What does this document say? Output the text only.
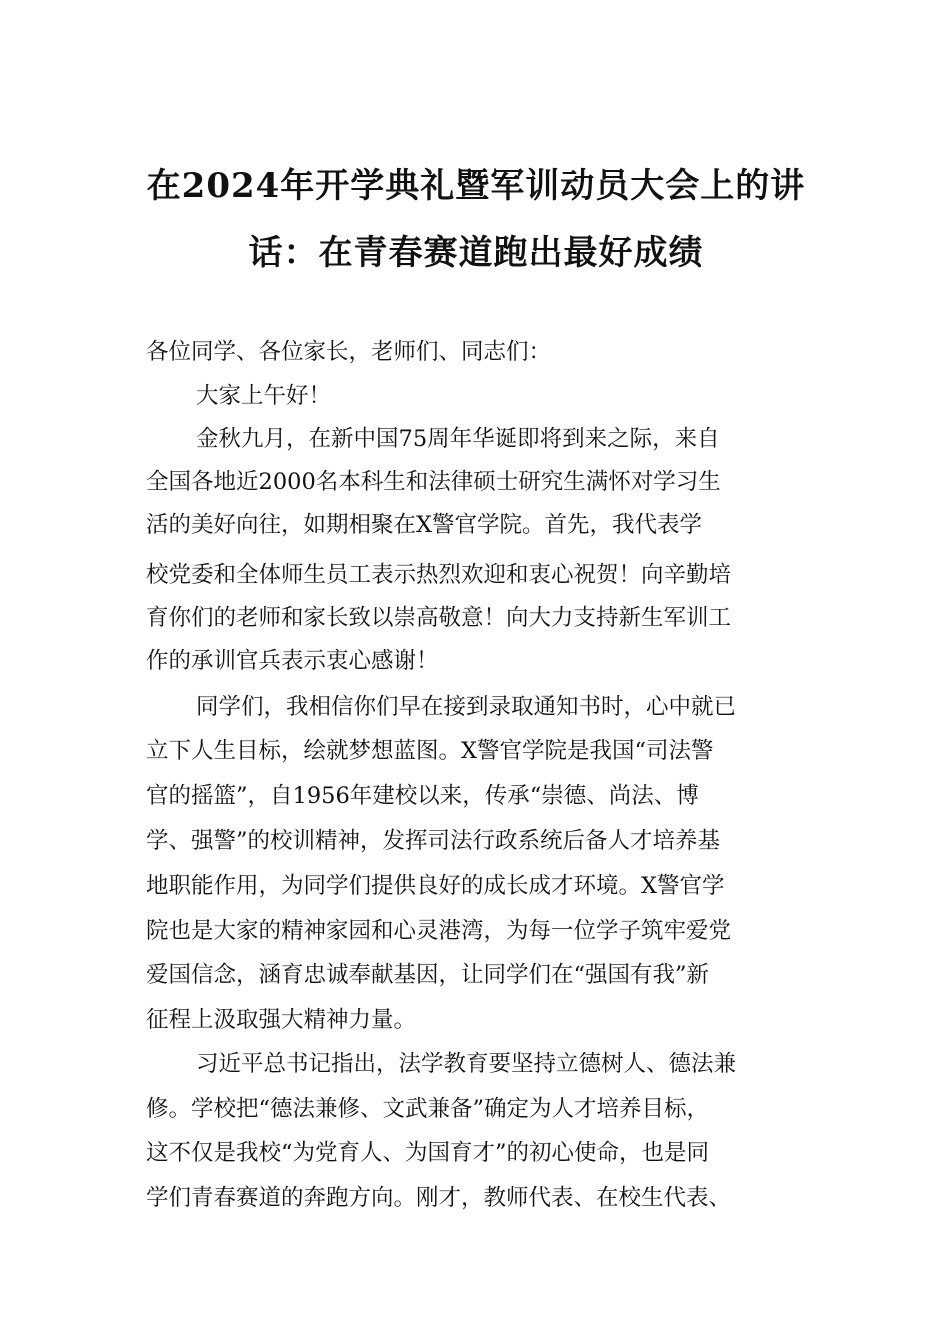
在2024年开学典礼暨军训动员大会上的讲
话：在青春赛道跑出最好成绩
各位同学、各位家长，老师们、同志们：
大家上午好！
金秋九月，在新中国75周年华诞即将到来之际，来自
全国各地近2000名本科生和法律硕士研究生满怀对学习生
活的美好向往，如期相聚在X警官学院。首先，我代表学
校党委和全体师生员工表示热烈欢迎和衷心祝贺！向辛勤培
育你们的老师和家长致以崇高敬意！向大力支持新生军训工
作的承训官兵表示衷心感谢！
同学们，我相信你们早在接到录取通知书时，心中就已
立下人生目标，绘就梦想蓝图。X警官学院是我国“司法警
官的摇篮”，自1956年建校以来，传承“崇德、尚法、博
学、强警”的校训精神，发挥司法行政系统后备人才培养基
地职能作用，为同学们提供良好的成长成才环境。X警官学
院也是大家的精神家园和心灵港湾，为每一位学子筑牢爱党
爱国信念，涵育忠诚奉献基因，让同学们在“强国有我”新
征程上汲取强大精神力量。
习近平总书记指出，法学教育要坚持立德树人、德法兼
修。学校把“德法兼修、文武兼备”确定为人才培养目标，
这不仅是我校“为党育人、为国育才”的初心使命，也是同
学们青春赛道的奔跑方向。刚才，教师代表、在校生代表、
